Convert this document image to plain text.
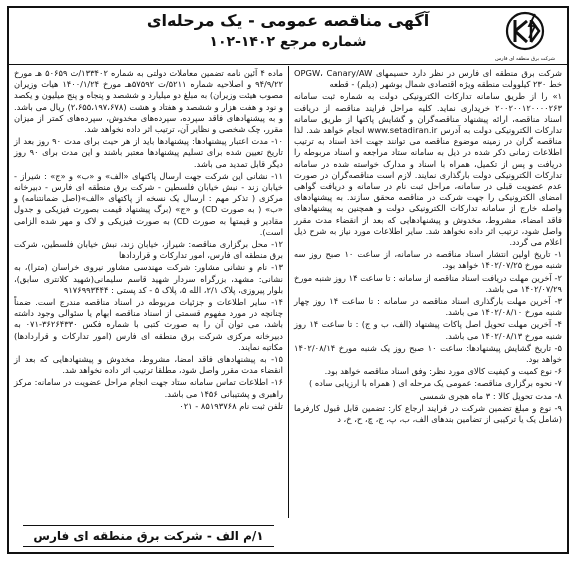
شرکت برق منطقه ای فارس

آگهی مناقصه عمومی - یک مرحله‌ای

شماره مرجع ۱۴۰۲-۱۰۲

شرکت برق منطقه ای فارس در نظر دارد حسیمهای OPGW، Canary/AW خط ۲۳۰ کیلوولت منطقه ویژه اقتصادی شمال بوشهر (دیلم) - قطعه

۱» را از طریق سامانه تدارکات الکترونیکی دولت به شماره ثبت سامانه ۲۰۰۲۰۰۱۲۰۰۰۰۲۶۳ خریداری نماید. کلیه مراحل فرایند مناقصه از دریافت اسناد مناقصه، ارائه پیشنهاد مناقصه‌گران و گشایش پاکتها از طریق سامانه تدارکات الکترونیکی دولت به آدرس www.setadiran.ir انجام خواهد شد. لذا مناقصه گران در زمینه موضوع مناقصه می توانند جهت اخذ اسناد به ترتیب اطلاعات زمانی ذکر شده در ذیل به سامانه ستاد مراجعه و اسناد مربوطه را دریافت و پس از تکمیل، همراه با اسناد و مدارک خواسته شده در سامانه تدارکات الکترونیکی دولت بارگذاری نمایند. لازم است مناقصه‌گران در صورت عدم عضویت قبلی در سامانه، مراحل ثبت نام در سامانه و دریافت گواهی امضای الکترونیکی را جهت شرکت در مناقصه محقق سازند. به پیشنهادهای واصله خارج از سامانه تدارکات الکترونیکی دولت و همچنین به پیشنهادهای فاقد امضاء، مشروط، مخدوش و پیشنهادهایی که بعد از انقضاء مدت مقرر واصل شود، ترتیب اثر داده نخواهد شد. سایر اطلاعات مورد نیاز به شرح ذیل اعلام می گردد.

۱- تاریخ اولین انتشار اسناد مناقصه در سامانه، از ساعت ۱۰ صبح روز سه شنبه مورخ ۱۴۰۲/۰۷/۲۵ خواهد بود.

۲- آخرین مهلت دریافت اسناد مناقصه از سامانه : تا ساعت ۱۴ روز شنبه مورخ ۱۴۰۲/۰۷/۲۹ می باشد.

۳- آخرین مهلت بارگذاری اسناد مناقصه در سامانه : تا ساعت ۱۴ روز چهار شنبه مورخ ۱۴۰۲/۰۸/۱۰ می باشد.

۴- آخرین مهلت تحویل اصل پاکات پیشنهاد (الف، ب و ج) : تا ساعت ۱۴ روز شنبه مورخ ۱۴۰۲/۰۸/۱۳ می باشد.

۵- تاریخ گشایش پیشنهادها: ساعت ۱۰ صبح روز یک شنبه مورخ ۱۴۰۲/۰۸/۱۴ خواهد بود.

۶- نوع کمیت و کیفیت کالای مورد نظر: وفق اسناد مناقصه خواهد بود.

۷- نحوه برگزاری مناقصه: عمومی یک مرحله ای ( همراه با ارزیابی ساده )

۸- مدت تحویل کالا : ۳ ماه هجری شمسی

۹- نوع و مبلغ تضمین شرکت در فرایند ارجاع کار: تضمین قابل قبول کارفرما (شامل یک یا ترکیبی از تضامین بندهای الف، ب، پ، ج، چ، ح، خ، د

ماده ۴ آئین نامه تضمین معاملات دولتی به شماره ۱۳۳۴۰۲/ت ۵۰۶۵۹ هـ مورخ ۹۴/۹/۲۲ و اصلاحیه شماره ۵۲۱۱/ت ۵۷۵۹۲هـ مورخ ۱۴۰۰/۱/۲۴ هیات وزیران مصوب هیئت وزیران) به مبلغ دو میلیارد و ششصد و پنجاه و پنج میلیون و یکصد و نود و هفت هزار و ششصد و هفتاد و هشت (۲،۶۵۵،۱۹۷،۶۷۸) ریال می باشد. و به پیشنهادهای فاقد سپرده، سپرده‌های مخدوش، سپرده‌های کمتر از میزان مقرر، چک شخصی و نظایر آن، ترتیب اثر داده نخواهد شد.

۱۰- مدت اعتبار پیشنهادها: پیشنهادها باید از هر حیث برای مدت ۹۰ روز بعد از تاریخ تعیین شده برای تسلیم پیشنهادها معتبر باشند و این مدت برای ۹۰ روز دیگر قابل تمدید می باشد.

۱۱- نشانی این شرکت جهت ارسال پاکتهای «الف» و «ب» و «ج» : شیراز - خیابان زند - نبش خیابان فلسطین - شرکت برق منطقه ای فارس - دبیرخانه مرکزی ( تذکر مهم : ارسال یک نسخه از پاکتهای «الف»(اصل ضمانتنامه) و «ب» ( به صورت CD) و «ج» (برگ پیشنهاد قیمت بصورت فیزیکی و جدول مقادیر و قیمتها به صورت CD) به صورت فیزیکی و لاک و مهر شده الزامی است).

۱۲- محل برگزاری مناقصه: شیراز، خیابان زند، نبش خیابان فلسطین، شرکت برق منطقه ای فارس، امور تدارکات و قراردادها

۱۳- نام و نشانی مشاور: شرکت مهندسی مشاور نیروی خراسان (مترا)، به نشانی: مشهد، بزرگراه سردار شهید قاسم سلیمانی(شهید کلانتری سابق)، بلوار پیروزی، پلاک ۲/۱، الله ۵، پلاک ۵ - کد پستی : ۹۱۷۶۹۹۳۴۴۴

۱۴- سایر اطلاعات و جزئیات مربوطه در اسناد مناقصه مندرج است. ضمناً چنانچه در مورد مفهوم قسمتی از اسناد مناقصه ابهام یا سئوالی وجود داشته باشد، می توان آن را به صورت کتبی با شماره فکس ۳۶۲۶۴۳۳۰-۰۷۱ به دبیرخانه مرکزی شرکت برق منطقه ای فارس (امور تدارکات و قراردادها) مکاتبه نمایند.

۱۵- به پیشنهادهای فاقد امضا، مشروط، مخدوش و پیشنهادهایی که بعد از انقضاء مدت مقرر واصل شود، مطلقا ترتیب اثر داده نخواهد شد.

۱۶- اطلاعات تماس سامانه ستاد جهت انجام مراحل عضویت در سامانه: مرکز راهبری و پشتیبانی ۱۴۵۶ می باشد.

تلفن ثبت نام ۸۵۱۹۳۷۶۸ - ۰۲۱

۱/م الف - شرکت برق منطقه ای فارس
